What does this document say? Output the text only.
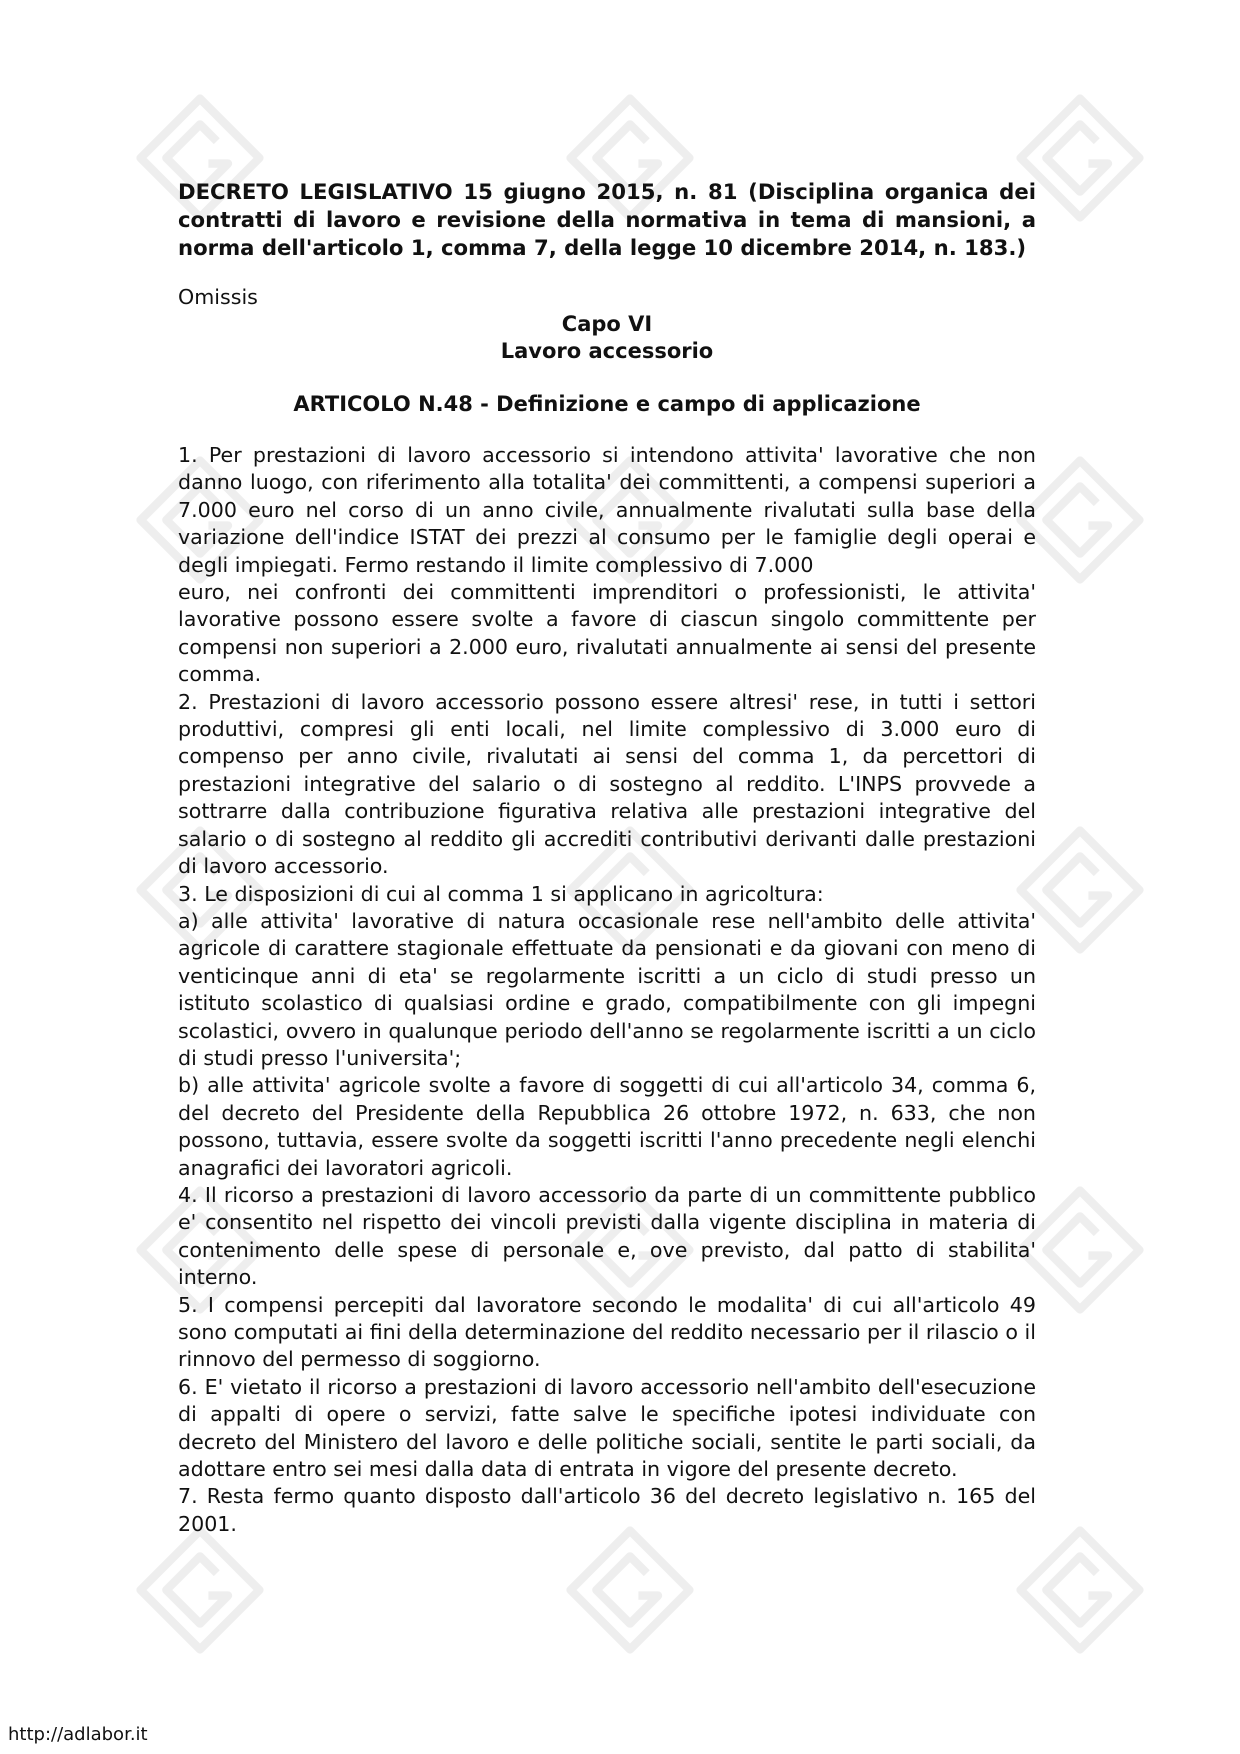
DECRETO LEGISLATIVO 15 giugno 2015, n. 81 (Disciplina organica dei contratti di lavoro e revisione della normativa in tema di mansioni, a norma dell'articolo 1, comma 7, della legge 10 dicembre 2014, n. 183.)

Omissis

Capo VI

Lavoro accessorio

ARTICOLO N.48 - Definizione e campo di applicazione

1. Per prestazioni di lavoro accessorio si intendono attivita' lavorative che non danno luogo, con riferimento alla totalita' dei committenti, a compensi superiori a 7.000 euro nel corso di un anno civile, annualmente rivalutati sulla base della variazione dell'indice ISTAT dei prezzi al consumo per le famiglie degli operai e degli impiegati. Fermo restando il limite complessivo di 7.000

euro, nei confronti dei committenti imprenditori o professionisti, le attivita' lavorative possono essere svolte a favore di ciascun singolo committente per compensi non superiori a 2.000 euro, rivalutati annualmente ai sensi del presente comma.

2. Prestazioni di lavoro accessorio possono essere altresi' rese, in tutti i settori produttivi, compresi gli enti locali, nel limite complessivo di 3.000 euro di compenso per anno civile, rivalutati ai sensi del comma 1, da percettori di prestazioni integrative del salario o di sostegno al reddito. L'INPS provvede a sottrarre dalla contribuzione figurativa relativa alle prestazioni integrative del salario o di sostegno al reddito gli accrediti contributivi derivanti dalle prestazioni di lavoro accessorio.

3. Le disposizioni di cui al comma 1 si applicano in agricoltura:

a) alle attivita' lavorative di natura occasionale rese nell'ambito delle attivita' agricole di carattere stagionale effettuate da pensionati e da giovani con meno di venticinque anni di eta' se regolarmente iscritti a un ciclo di studi presso un istituto scolastico di qualsiasi ordine e grado, compatibilmente con gli impegni scolastici, ovvero in qualunque periodo dell'anno se regolarmente iscritti a un ciclo di studi presso l'universita';

b) alle attivita' agricole svolte a favore di soggetti di cui all'articolo 34, comma 6, del decreto del Presidente della Repubblica 26 ottobre 1972, n. 633, che non possono, tuttavia, essere svolte da soggetti iscritti l'anno precedente negli elenchi anagrafici dei lavoratori agricoli.

4. Il ricorso a prestazioni di lavoro accessorio da parte di un committente pubblico e' consentito nel rispetto dei vincoli previsti dalla vigente disciplina in materia di contenimento delle spese di personale e, ove previsto, dal patto di stabilita' interno.

5. I compensi percepiti dal lavoratore secondo le modalita' di cui all'articolo 49 sono computati ai fini della determinazione del reddito necessario per il rilascio o il rinnovo del permesso di soggiorno.

6. E' vietato il ricorso a prestazioni di lavoro accessorio nell'ambito dell'esecuzione di appalti di opere o servizi, fatte salve le specifiche ipotesi individuate con decreto del Ministero del lavoro e delle politiche sociali, sentite le parti sociali, da adottare entro sei mesi dalla data di entrata in vigore del presente decreto.

7. Resta fermo quanto disposto dall'articolo 36 del decreto legislativo n. 165 del 2001.

http://adlabor.it
